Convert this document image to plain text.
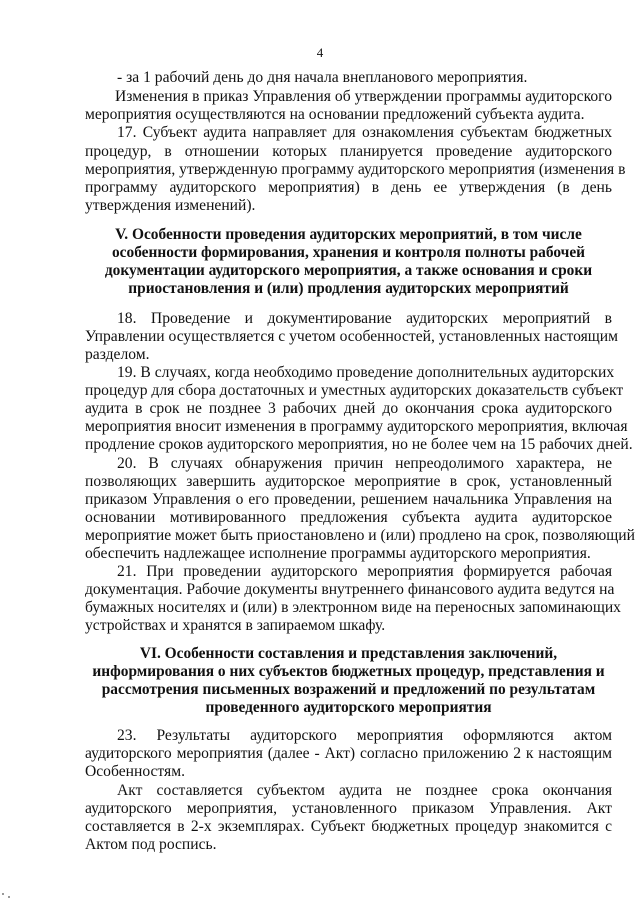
4
- за 1 рабочий день до дня начала внепланового мероприятия.
Изменения в приказ Управления об утверждении программы аудиторского
мероприятия осуществляются на основании предложений субъекта аудита.
17. Субъект аудита направляет для ознакомления субъектам бюджетных
процедур, в отношении которых планируется проведение аудиторского
мероприятия, утвержденную программу аудиторского мероприятия (изменения в
программу аудиторского мероприятия) в день ее утверждения (в день
утверждения изменений).
V. Особенности проведения аудиторских мероприятий, в том числе
особенности формирования, хранения и контроля полноты рабочей
документации аудиторского мероприятия, а также основания и сроки
приостановления и (или) продления аудиторских мероприятий
18. Проведение и документирование аудиторских мероприятий в
Управлении осуществляется с учетом особенностей, установленных настоящим
разделом.
19. В случаях, когда необходимо проведение дополнительных аудиторских
процедур для сбора достаточных и уместных аудиторских доказательств субъект
аудита в срок не позднее 3 рабочих дней до окончания срока аудиторского
мероприятия вносит изменения в программу аудиторского мероприятия, включая
продление сроков аудиторского мероприятия, но не более чем на 15 рабочих дней.
20. В случаях обнаружения причин непреодолимого характера, не
позволяющих завершить аудиторское мероприятие в срок, установленный
приказом Управления о его проведении, решением начальника Управления на
основании мотивированного предложения субъекта аудита аудиторское
мероприятие может быть приостановлено и (или) продлено на срок, позволяющий
обеспечить надлежащее исполнение программы аудиторского мероприятия.
21. При проведении аудиторского мероприятия формируется рабочая
документация. Рабочие документы внутреннего финансового аудита ведутся на
бумажных носителях и (или) в электронном виде на переносных запоминающих
устройствах и хранятся в запираемом шкафу.
VI. Особенности составления и представления заключений,
информирования о них субъектов бюджетных процедур, представления и
рассмотрения письменных возражений и предложений по результатам
проведенного аудиторского мероприятия
23. Результаты аудиторского мероприятия оформляются актом
аудиторского мероприятия (далее - Акт) согласно приложению 2 к настоящим
Особенностям.
Акт составляется субъектом аудита не позднее срока окончания
аудиторского мероприятия, установленного приказом Управления. Акт
составляется в 2-х экземплярах. Субъект бюджетных процедур знакомится с
Актом под роспись.
